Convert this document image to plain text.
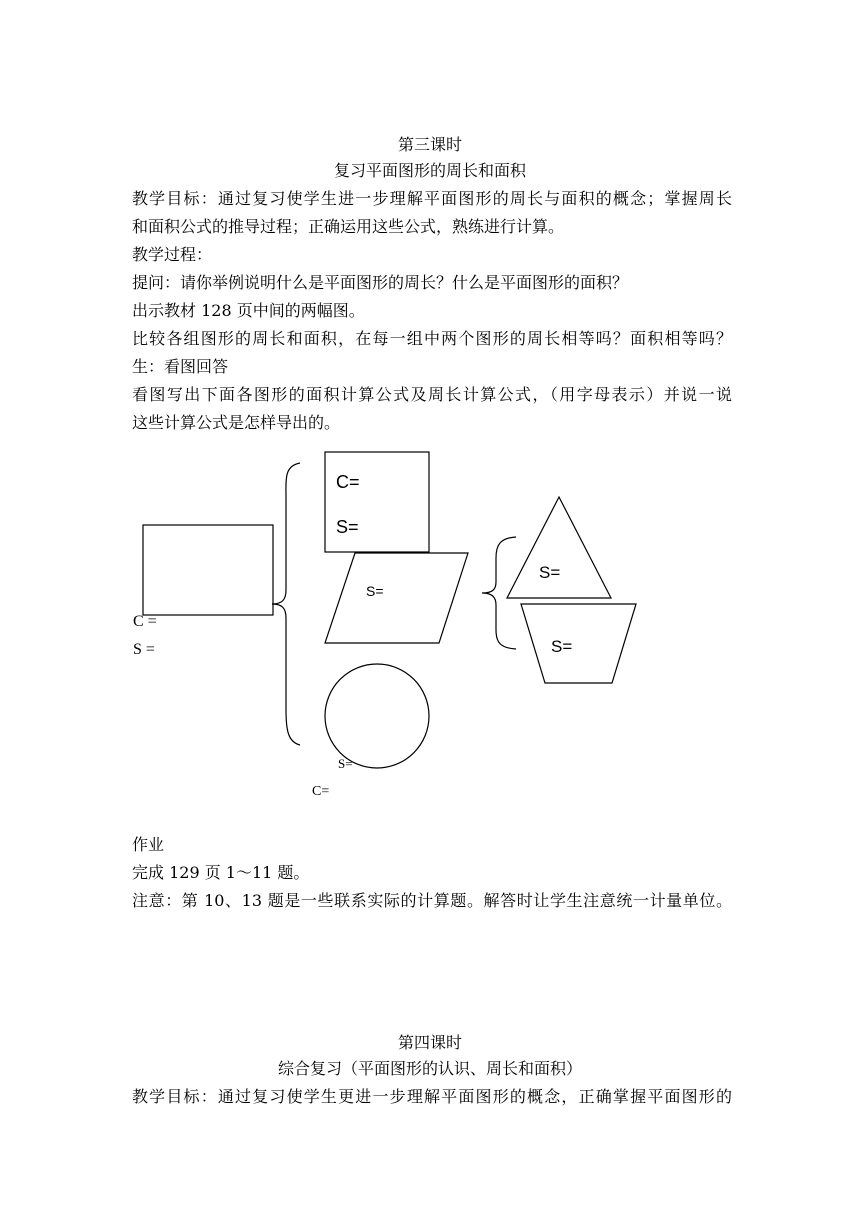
第三课时
复习平面图形的周长和面积
教学目标：通过复习使学生进一步理解平面图形的周长与面积的概念；掌握周长
和面积公式的推导过程；正确运用这些公式，熟练进行计算。
教学过程：
提问：请你举例说明什么是平面图形的周长？什么是平面图形的面积？
出示教材 128 页中间的两幅图。
比较各组图形的周长和面积，在每一组中两个图形的周长相等吗？面积相等吗？
生：看图回答
看图写出下面各图形的面积计算公式及周长计算公式，（用字母表示）并说一说
这些计算公式是怎样导出的。
C =
S =
C=
S=
S=
S=
S=
S=
C=
作业
完成 129 页 1～11 题。
注意：第 10、13 题是一些联系实际的计算题。解答时让学生注意统一计量单位。
第四课时
综合复习（平面图形的认识、周长和面积）
教学目标：通过复习使学生更进一步理解平面图形的概念，正确掌握平面图形的
